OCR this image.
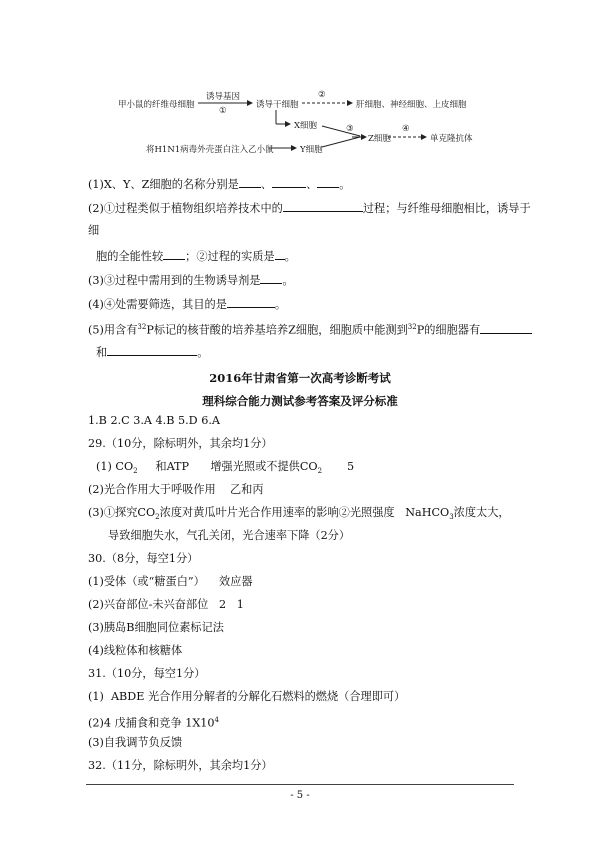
甲小鼠的纤维母细胞
诱导基因
①
诱导干细胞
②
肝细胞、神经细胞、上皮细胞
X细胞	③
Z细胞
④
单克隆抗体
将H1N1病毒外壳蛋白注入乙小鼠	Y细胞
(1)X、Y、Z细胞的名称分别是 、	、 。
(2)①过程类似于植物组织培养技术中的	过程；与纤维母细胞相比，诱导于
细
胞的全能性较 ；②过程的实质是 。
(3)③过程中需用到的生物诱导剂是 。
(4)④处需要筛选，其目的是	。
(5)用含有$^{32}$P标记的核苷酸的培养基培养Z细胞，细胞质中能测到$^{32}$P的细胞器有
和	。
2016年甘肃省第一次高考诊断考试
理科综合能力测试参考答案及评分标准
1.B 2.C 3.A 4.B 5.D 6.A
29.（10分，除标明外，其余均1分）
(1) $CO_2$     和ATP      增强光照或不提供$CO_2$       5
(2)光合作用大于呼吸作用    乙和丙
(3)①探究$CO_2$浓度对黄瓜叶片光合作用速率的影响②光照强度   NaHCO$_3$浓度太大，
导致细胞失水，气孔关闭，光合速率下降（2分）
30.（8分，每空1分）
(1)受体（或“糖蛋白”）    效应器
(2)兴奋部位-未兴奋部位   2   1
(3)胰岛B细胞同位素标记法
(4)线粒体和核糖体
31.（10分，每空1分）
(1)  ABDE 光合作用分解者的分解化石燃料的燃烧（合理即可）
(2)4 戊捕食和竞争 $1X10^4$
(3)自我调节负反馈
32.（11分，除标明外，其余均1分）
- 5 -
